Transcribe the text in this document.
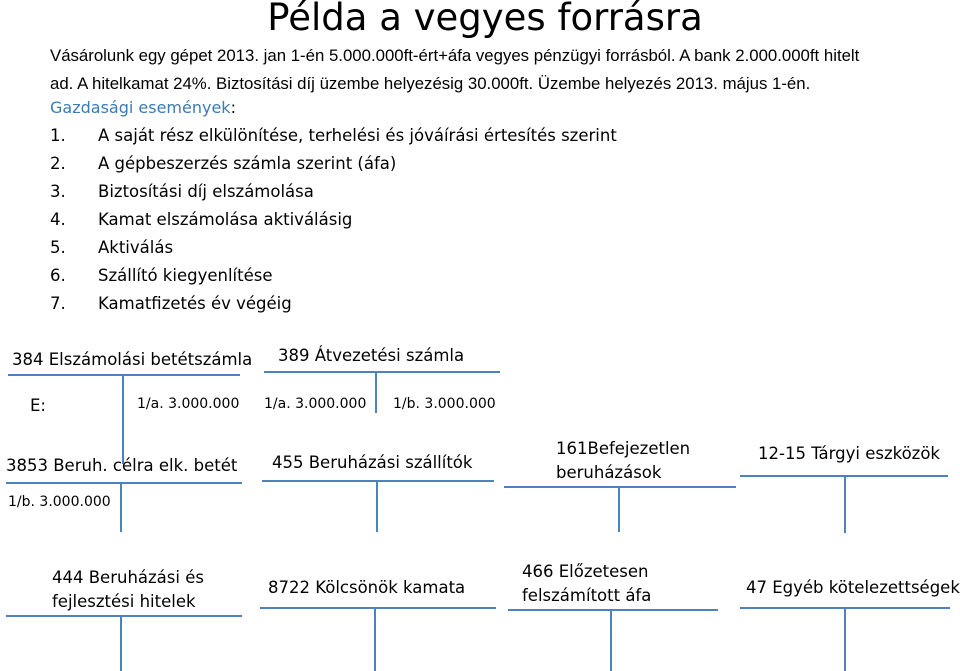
Példa a vegyes forrásra

Vásárolunk egy gépet 2013. jan 1-én 5.000.000ft-ért+áfa vegyes pénzügyi forrásból. A bank 2.000.000ft hitelt

ad. A hitelkamat 24%. Biztosítási díj üzembe helyezésig 30.000ft. Üzembe helyezés 2013. május 1-én.

Gazdasági események:
1.	A saját rész elkülönítése, terhelési és jóváírási értesítés szerint
2.	A gépbeszerzés számla szerint (áfa)
3.	Biztosítási díj elszámolása
4.	Kamat elszámolása aktiválásig
5.	Aktiválás
6.	Szállító kiegyenlítése
7.	Kamatfizetés év végéig
384 Elszámolási betétszámla
E:	1/a. 3.000.000
389 Átvezetési számla
1/a. 3.000.000 1/b. 3.000.000
3853 Beruh. célra elk. betét
1/b. 3.000.000
455 Beruházási szállítók
161Befejezetlen
beruházások
12-15 Tárgyi eszközök
444 Beruházási és
fejlesztési hitelek
8722 Kölcsönök kamata
466 Előzetesen
felszámított áfa	47 Egyéb kötelezettségek
